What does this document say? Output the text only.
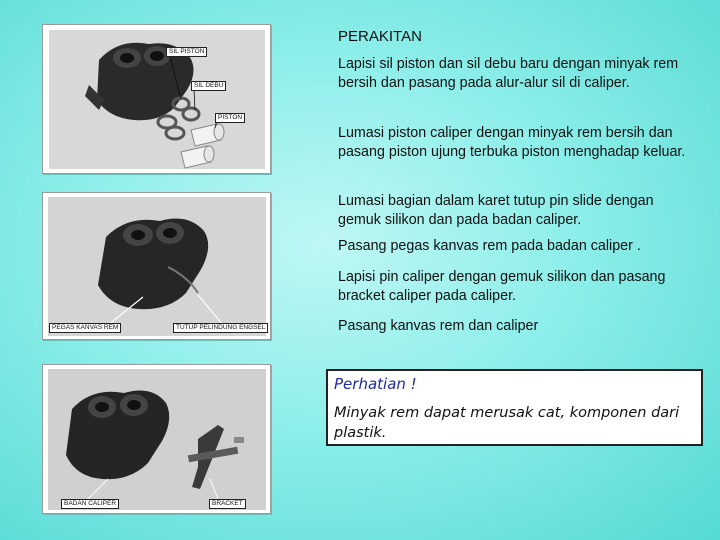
SIL PISTON
SIL DEBU
PISTON
PEGAS KANVAS REM	TUTUP PELINDUNG ENGSEL
BADAN CALIPER	BRACKET
PERAKITAN
Lapisi sil piston dan sil debu baru dengan minyak rem bersih dan pasang pada alur-alur sil di caliper.
Lumasi piston caliper dengan minyak rem bersih dan pasang piston ujung terbuka piston menghadap keluar.
Lumasi bagian dalam karet tutup pin slide dengan gemuk silikon dan pada badan caliper.
Pasang pegas kanvas rem pada badan caliper .
Lapisi pin caliper dengan gemuk silikon dan pasang bracket caliper pada caliper.
Pasang kanvas rem dan caliper
Perhatian !
Minyak rem dapat merusak cat, komponen dari plastik.
